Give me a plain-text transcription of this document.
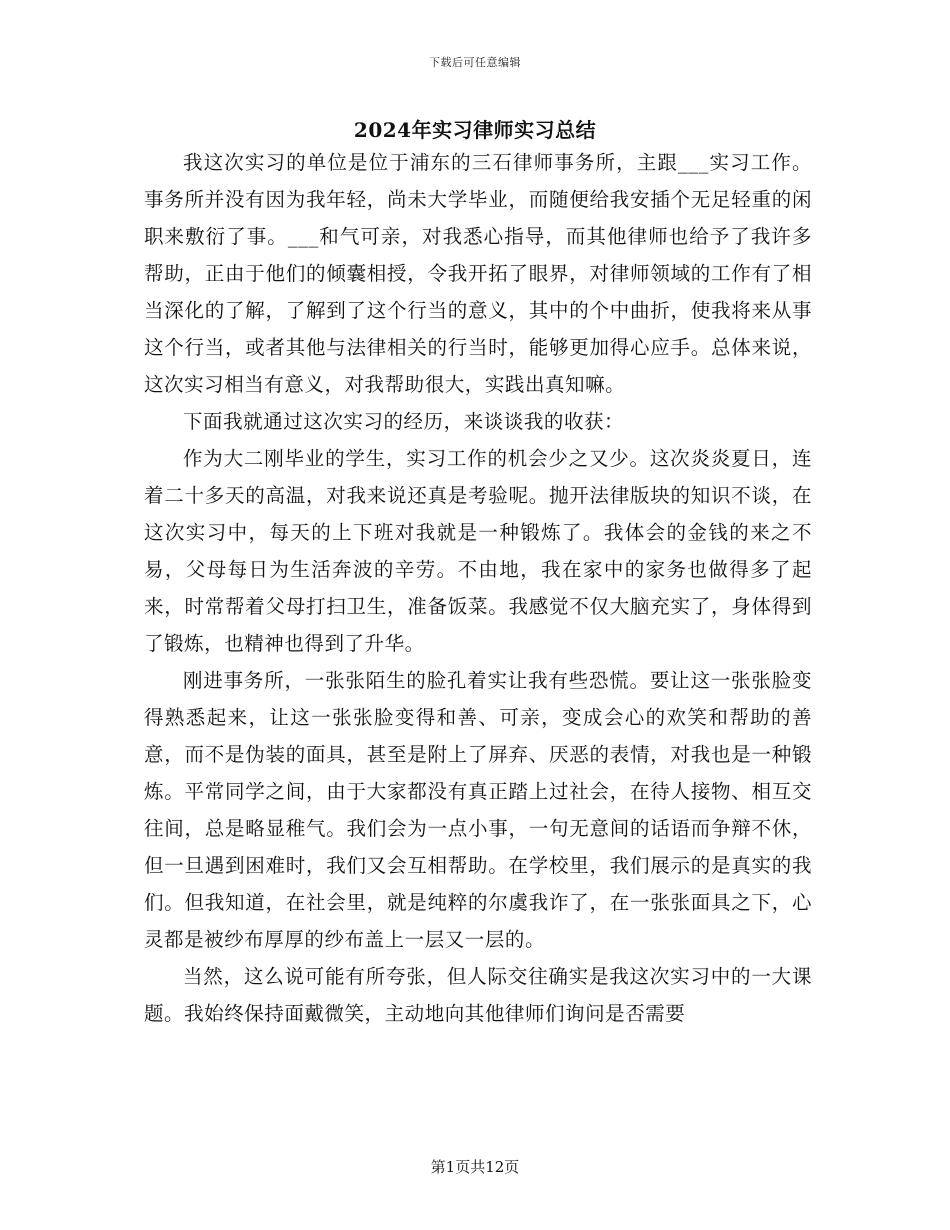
下载后可任意编辑
2024年实习律师实习总结

我这次实习的单位是位于浦东的三石律师事务所，主跟___实习工作。事务所并没有因为我年轻，尚未大学毕业，而随便给我安插个无足轻重的闲职来敷衍了事。___和气可亲，对我悉心指导，而其他律师也给予了我许多帮助，正由于他们的倾囊相授，令我开拓了眼界，对律师领域的工作有了相当深化的了解，了解到了这个行当的意义，其中的个中曲折，使我将来从事这个行当，或者其他与法律相关的行当时，能够更加得心应手。总体来说，这次实习相当有意义，对我帮助很大，实践出真知嘛。

下面我就通过这次实习的经历，来谈谈我的收获：

作为大二刚毕业的学生，实习工作的机会少之又少。这次炎炎夏日，连着二十多天的高温，对我来说还真是考验呢。抛开法律版块的知识不谈，在这次实习中，每天的上下班对我就是一种锻炼了。我体会的金钱的来之不易，父母每日为生活奔波的辛劳。不由地，我在家中的家务也做得多了起来，时常帮着父母打扫卫生，准备饭菜。我感觉不仅大脑充实了，身体得到了锻炼，也精神也得到了升华。

刚进事务所，一张张陌生的脸孔着实让我有些恐慌。要让这一张张脸变得熟悉起来，让这一张张脸变得和善、可亲，变成会心的欢笑和帮助的善意，而不是伪装的面具，甚至是附上了屏弃、厌恶的表情，对我也是一种锻炼。平常同学之间，由于大家都没有真正踏上过社会，在待人接物、相互交往间，总是略显稚气。我们会为一点小事，一句无意间的话语而争辩不休，但一旦遇到困难时，我们又会互相帮助。在学校里，我们展示的是真实的我们。但我知道，在社会里，就是纯粹的尔虞我诈了，在一张张面具之下，心灵都是被纱布厚厚的纱布盖上一层又一层的。

当然，这么说可能有所夸张，但人际交往确实是我这次实习中的一大课题。我始终保持面戴微笑，主动地向其他律师们询问是否需要

第1页共12页
